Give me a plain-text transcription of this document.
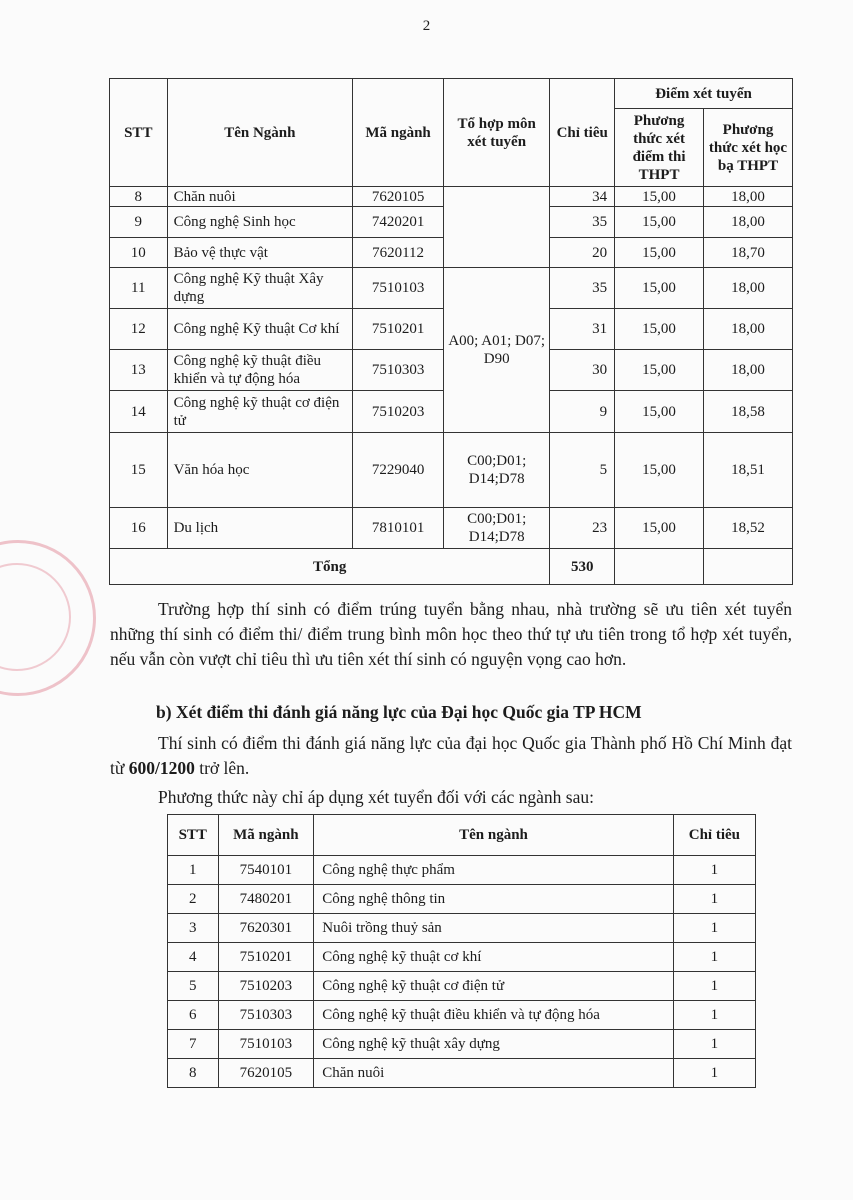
2
STT	Tên Ngành	Mã ngành	Tổ hợp môn xét tuyển	Chỉ tiêu	Điểm xét tuyển	
					Phương thức xét điểm thi THPT	Phương thức xét học bạ THPT
8	Chăn nuôi	7620105		34	15,00	18,00
9	Công nghệ Sinh học	7420201		35	15,00	18,00
10	Bảo vệ thực vật	7620112		20	15,00	18,70
11	Công nghệ Kỹ thuật Xây dựng	7510103	A00; A01; D07; D90	35	15,00	18,00
12	Công nghệ Kỹ thuật Cơ khí	7510201		31	15,00	18,00
13	Công nghệ kỹ thuật điều khiển và tự động hóa	7510303		30	15,00	18,00
14	Công nghệ kỹ thuật cơ điện tử	7510203		9	15,00	18,58
15	Văn hóa học	7229040	C00;D01; D14;D78	5	15,00	18,51
16	Du lịch	7810101	C00;D01; D14;D78	23	15,00	18,52
Tổng				530		
Trường hợp thí sinh có điểm trúng tuyển bằng nhau, nhà trường sẽ ưu tiên xét tuyển những thí sinh có điểm thi/ điểm trung bình môn học theo thứ tự ưu tiên trong tổ hợp xét tuyển, nếu vẫn còn vượt chỉ tiêu thì ưu tiên xét thí sinh có nguyện vọng cao hơn.
b) Xét điểm thi đánh giá năng lực của Đại học Quốc gia TP HCM
Thí sinh có điểm thi đánh giá năng lực của đại học Quốc gia Thành phố Hồ Chí Minh đạt từ 600/1200 trở lên.
Phương thức này chỉ áp dụng xét tuyển đối với các ngành sau:
STT	Mã ngành	Tên ngành	Chỉ tiêu
1	7540101	Công nghệ thực phẩm	1
2	7480201	Công nghệ thông tin	1
3	7620301	Nuôi trồng thuỷ sản	1
4	7510201	Công nghệ kỹ thuật cơ khí	1
5	7510203	Công nghệ kỹ thuật cơ điện tử	1
6	7510303	Công nghệ kỹ thuật điều khiển và tự động hóa	1
7	7510103	Công nghệ kỹ thuật xây dựng	1
8	7620105	Chăn nuôi	1
